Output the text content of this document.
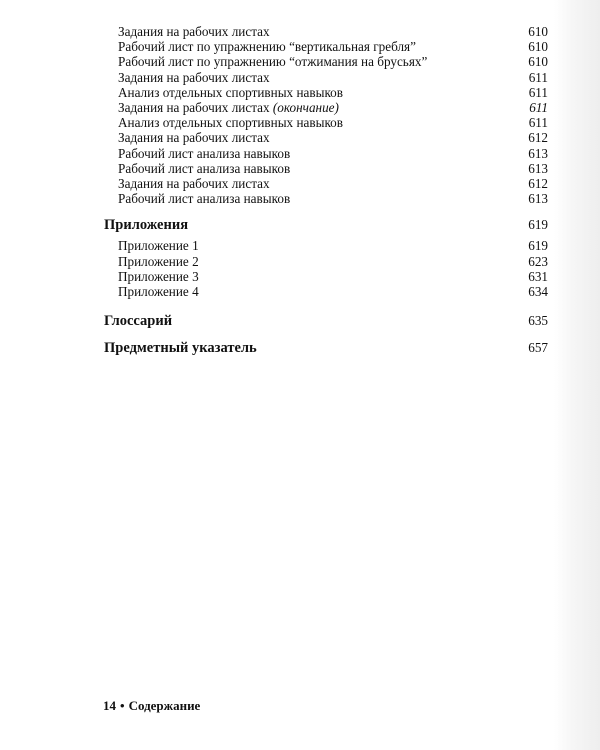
Задания на рабочих листах	610
Рабочий лист по упражнению “вертикальная гребля”	610
Рабочий лист по упражнению “отжимания на брусьях”	610
Задания на рабочих листах	611
Анализ отдельных спортивных навыков	611
Задания на рабочих листах (окончание)	611
Анализ отдельных спортивных навыков	611
Задания на рабочих листах	612
Рабочий лист анализа навыков	613
Рабочий лист анализа навыков	613
Задания на рабочих листах	612
Рабочий лист анализа навыков	613
Приложения	619
Приложение 1	619
Приложение 2	623
Приложение 3	631
Приложение 4	634
Глоссарий	635
Предметный указатель	657
14 • Содержание
